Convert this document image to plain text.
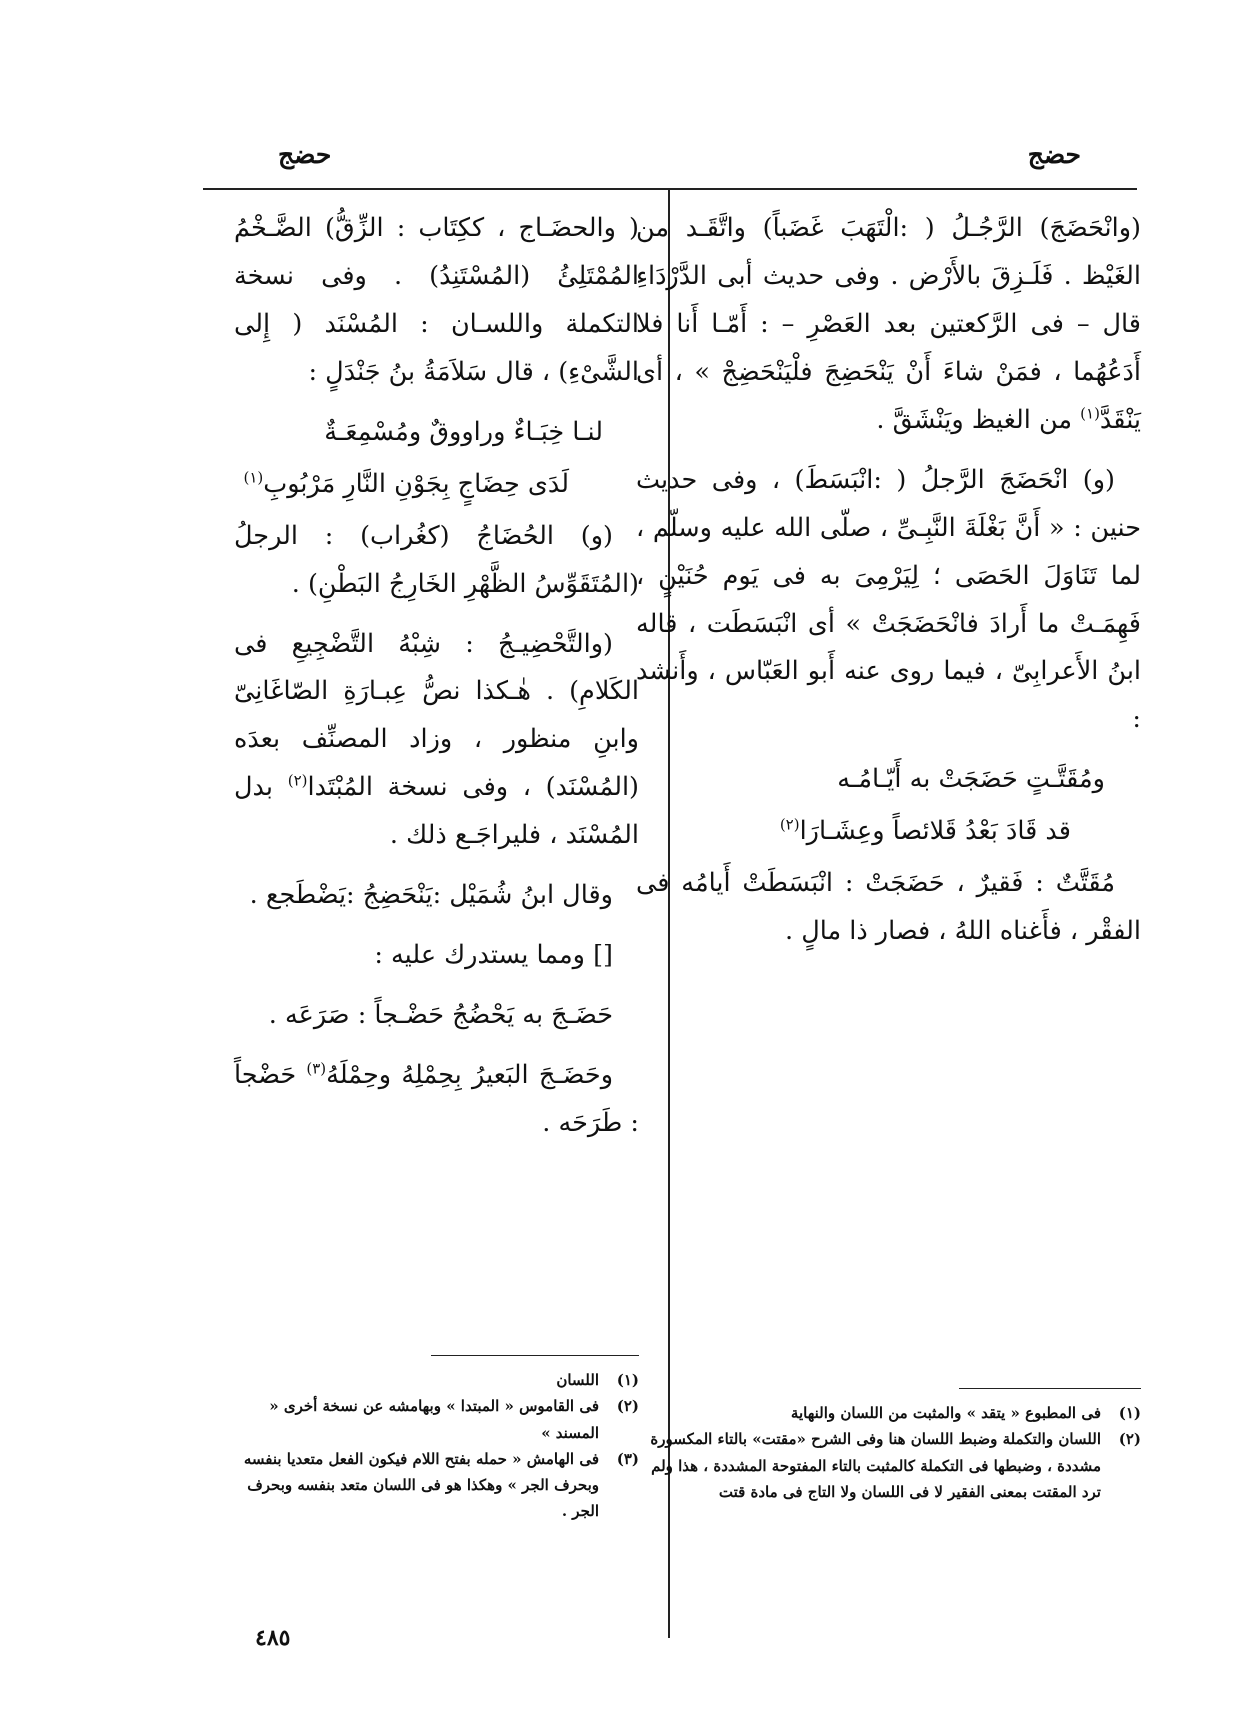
حضج
حضج

(وانْحَضَجَ) الرَّجُـلُ ( :الْتَهَبَ غَضَباً) واتَّقَـد من الغَيْظ . فَلَـزِقَ بالأَرْض . وفى حديث أبى الدَّرْدَاءِ قال – فى الرَّكعتين بعد العَصْرِ – : أَمّـا أَنا فلا أَدَعُهُما ، فمَنْ شاءَ أَنْ يَنْحَضِجَ فلْيَنْحَضِجْ » ، أى يَنْقَدَّ$^{(١)}$ من الغيظ ويَنْشَقَّ .

(و) انْحَضَجَ الرَّجلُ ( :انْبَسَطَ) ، وفى حديث حنين : « أَنَّ بَغْلَةَ النَّبِـىِّ ، صلّى الله عليه وسلّم ، لما تَنَاوَلَ الحَصَى ؛ لِيَرْمِىَ به فى يَوم حُنَيْنٍ ، فَهِمَـتْ ما أَرادَ فانْحَضَجَتْ » أى انْبَسَطَت ، قاله ابنُ الأَعرابِىّ ، فيما روى عنه أَبو العَبّاس ، وأَنشد :

ومُقَتَّـتٍ حَضَجَتْ به أَيّـامُـه

قد قَادَ بَعْدُ قَلائصاً وعِشَـارَا$^{(٢)}$

مُقَتَّتٌ : فَقيرٌ ، حَضَجَتْ : انْبَسَطَتْ أَيامُه فى الفقْر ، فأَغناه اللهُ ، فصار ذا مالٍ .

(١)
فى المطبوع « يتقد » والمثبت من اللسان والنهاية

(٢)
اللسان والتكملة وضبط اللسان هنا وفى الشرح «مقتت» بالتاء المكسورة مشددة ، وضبطها فى التكملة كالمثبت بالتاء المفتوحة المشددة ، هذا ولم ترد المقتت بمعنى الفقير لا فى اللسان ولا التاج فى مادة قتت

( والحضَـاج ، ككِتَاب : الزِّقُّ) الضَّـخْمُ المُمْتَلِئُ (المُسْتَنِدُ) . وفى نسخة التكملة واللسـان : المُسْنَد ( إِلى الشَّىْءِ) ، قال سَلاَمَةُ بنُ جَنْدَلٍ :

لنـا خِبَـاءٌ وراووقٌ ومُسْمِعَـةٌ

لَدَى حِضَاجٍ بِجَوْنِ النَّارِ مَرْبُوبِ$^{(١)}$

(و) الحُضَاجُ (كغُراب) : الرجلُ (المُتَقَوِّسُ الظَّهْرِ الخَارِجُ البَطْنِ) .

(والتَّحْضِيـجُ : شِبْهُ التَّضْجِيعِ فى الكَلامِ) . هٰـكذا نصُّ عِبـارَةِ الصّاغَانِىّ وابنِ منظور ، وزاد المصنِّف بعدَه (المُسْنَد) ، وفى نسخة المُبْتَدا$^{(٢)}$ بدل المُسْنَد ، فليراجَـع ذلك .

وقال ابنُ شُمَيْل :يَنْحَضِجُ :يَضْطَجع .

[] ومما يستدرك عليه :

حَضَـجَ به يَحْضُجُ حَضْـجاً : صَرَعَه .

وحَضَـجَ البَعيرُ بِحِمْلِهُ وحِمْلَهُ$^{(٣)}$ حَضْجاً : طَرَحَه .

(١)
اللسان

(٢)
فى القاموس « المبتدا » وبهامشه عن نسخة أخرى « المسند »

(٣)
فى الهامش « حمله بفتح اللام فيكون الفعل متعديا بنفسه وبحرف الجر » وهكذا هو فى اللسان متعد بنفسه وبحرف الجر .

٤٨٥
